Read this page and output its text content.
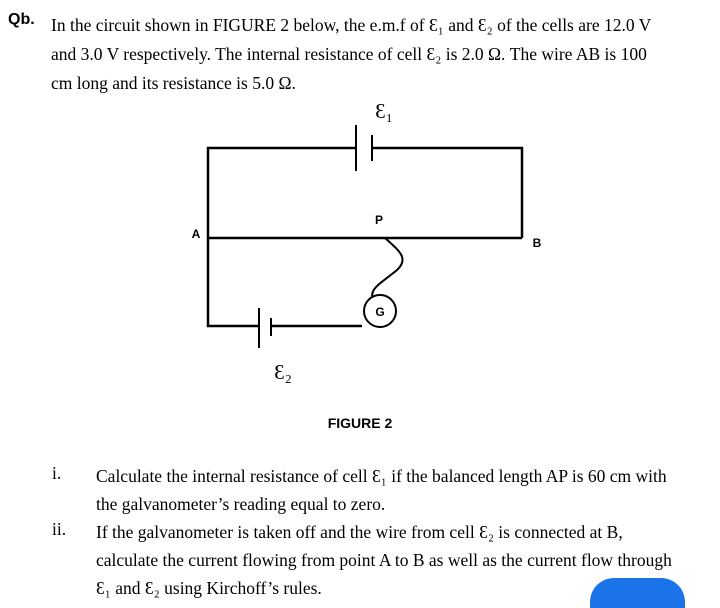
Qb. In the circuit shown in FIGURE 2 below, the e.m.f of Ɛ₁ and Ɛ₂ of the cells are 12.0 V
and 3.0 V respectively. The internal resistance of cell Ɛ₂ is 2.0 Ω. The wire AB is 100
cm long and its resistance is 5.0 Ω.
G
Ɛ₁
Ɛ₂
A
B
P
FIGURE 2
i. Calculate the internal resistance of cell Ɛ₁ if the balanced length AP is 60 cm with
the galvanometer’s reading equal to zero.
ii. If the galvanometer is taken off and the wire from cell Ɛ₂ is connected at B,
calculate the current flowing from point A to B as well as the current flow through
Ɛ₁ and Ɛ₂ using Kirchoff’s rules.
